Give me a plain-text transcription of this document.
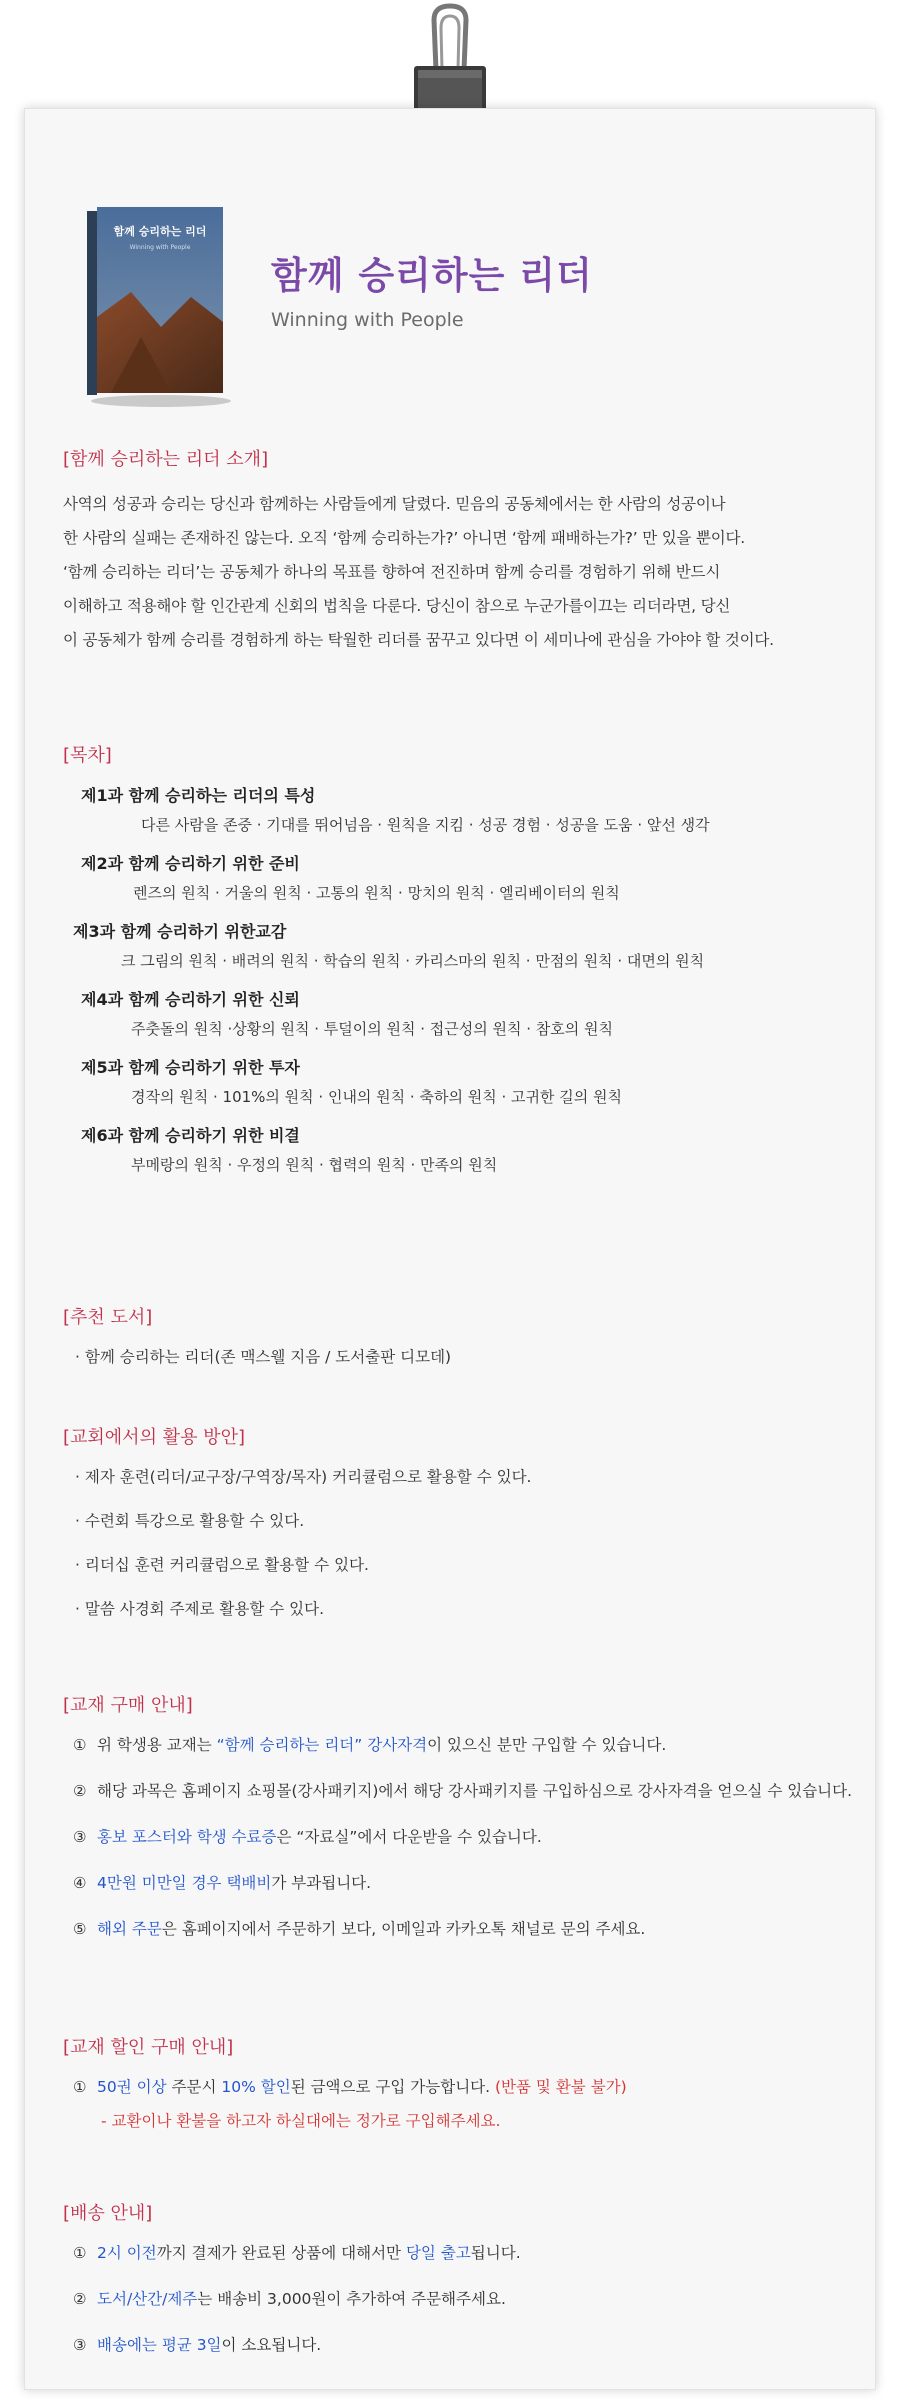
함께 승리하는 리더
Winning with People
함께 승리하는 리더
Winning with People
[함께 승리하는 리더 소개]
사역의 성공과 승리는 당신과 함께하는 사람들에게 달렸다. 믿음의 공동체에서는 한 사람의 성공이나
한 사람의 실패는 존재하진 않는다. 오직 ‘함께 승리하는가?’ 아니면 ‘함께 패배하는가?’ 만 있을 뿐이다.
‘함께 승리하는 리더’는 공동체가 하나의 목표를 향하여 전진하며 함께 승리를 경험하기 위해 반드시
이해하고 적용해야 할 인간관계 신회의 법칙을 다룬다. 당신이 참으로 누군가를이끄는 리더라면, 당신
이 공동체가 함께 승리를 경험하게 하는 탁월한 리더를 꿈꾸고 있다면 이 세미나에 관심을 가야야 할 것이다.
[목차]
제1과 함께 승리하는 리더의 특성
다른 사람을 존중 · 기대를 뛰어넘음 · 원칙을 지킴 · 성공 경험 · 성공을 도움 · 앞선 생각
제2과 함께 승리하기 위한 준비
렌즈의 원칙 · 거울의 원칙 · 고통의 원칙 · 망치의 원칙 · 엘리베이터의 원칙
제3과 함께 승리하기 위한교감
크 그림의 원칙 · 배려의 원칙 · 학습의 원칙 · 카리스마의 원칙 · 만점의 원칙 · 대면의 원칙
제4과 함께 승리하기 위한 신뢰
주춧돌의 원칙 ·상황의 원칙 · 투덜이의 원칙 · 접근성의 원칙 · 참호의 원칙
제5과 함께 승리하기 위한 투자
경작의 원칙 · 101%의 원칙 · 인내의 원칙 · 축하의 원칙 · 고귀한 길의 원칙
제6과 함께 승리하기 위한 비결
부메랑의 원칙 · 우정의 원칙 · 협력의 원칙 · 만족의 원칙
[추천 도서]
· 함께 승리하는 리더(존 맥스웰 지음 / 도서출판 디모데)
[교회에서의 활용 방안]
· 제자 훈련(리더/교구장/구역장/목자) 커리큘럼으로 활용할 수 있다.
· 수련회 특강으로 활용할 수 있다.
· 리더십 훈련 커리큘럼으로 활용할 수 있다.
· 말씀 사경회 주제로 활용할 수 있다.
[교재 구매 안내]
① 위 학생용 교재는 “함께 승리하는 리더” 강사자격이 있으신 분만 구입할 수 있습니다.
② 해당 과목은 홈페이지 쇼핑몰(강사패키지)에서 해당 강사패키지를 구입하심으로 강사자격을 얻으실 수 있습니다.
③ 홍보 포스터와 학생 수료증은 “자료실”에서 다운받을 수 있습니다.
④ 4만원 미만일 경우 택배비가 부과됩니다.
⑤ 해외 주문은 홈페이지에서 주문하기 보다, 이메일과 카카오톡 채널로 문의 주세요.
[교재 할인 구매 안내]
① 50권 이상 주문시 10% 할인된 금액으로 구입 가능합니다. (반품 및 환불 불가)
- 교환이나 환불을 하고자 하실대에는 정가로 구입해주세요.
[배송 안내]
① 2시 이전까지 결제가 완료된 상품에 대해서만 당일 출고됩니다.
② 도서/산간/제주는 배송비 3,000원이 추가하여 주문해주세요.
③ 배송에는 평균 3일이 소요됩니다.
